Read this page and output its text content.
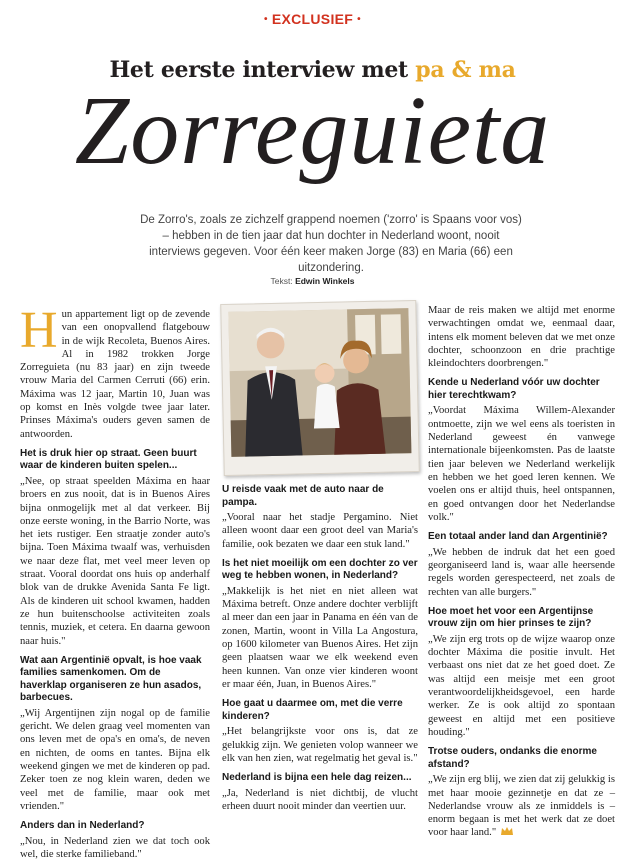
• EXCLUSIEF •
Het eerste interview met pa & ma
Zorreguieta
De Zorro's, zoals ze zichzelf grappend noemen ('zorro' is Spaans voor vos) – hebben in de tien jaar dat hun dochter in Nederland woont, nooit interviews gegeven. Voor één keer maken Jorge (83) en Maria (66) een uitzondering.
Tekst: Edwin Winkels

Hun appartement ligt op de zevende van een onopvallend flatgebouw in de wijk Recoleta, Buenos Aires. Al in 1982 trokken Jorge Zorreguieta (nu 83 jaar) en zijn tweede vrouw Maria del Carmen Cerruti (66) erin. Máxima was 12 jaar, Martin 10, Juan was op komst en Inès volgde twee jaar later. Prinses Máxima's ouders geven samen de antwoorden.

Het is druk hier op straat. Geen buurt waar de kinderen buiten spelen...

„Nee, op straat speelden Máxima en haar broers en zus nooit, dat is in Buenos Aires bijna onmogelijk met al dat verkeer. Bij onze eerste woning, in the Barrio Norte, was het iets rustiger. Een straatje zonder auto's bijna. Toen Máxima twaalf was, verhuisden we naar deze flat, met veel meer leven op straat. Vooral doordat ons huis op anderhalf blok van de drukke Avenida Santa Fe ligt. Als de kinderen uit school kwamen, hadden ze hun buitenschoolse activiteiten zoals tennis, muziek, et cetera. En daarna gewoon naar huis."

Wat aan Argentinië opvalt, is hoe vaak families samenkomen. Om de haverklap organiseren ze hun asados, barbecues.

„Wij Argentijnen zijn nogal op de familie gericht. We delen graag veel momenten van ons leven met de opa's en oma's, de neven en nichten, de ooms en tantes. Bijna elk weekend gingen we met de kinderen op pad. Zeker toen ze nog klein waren, deden we veel met de familie, maar ook met vrienden."

Anders dan in Nederland?

„Nou, in Nederland zien we dat toch ook wel, die sterke familieband."

U reisde vaak met de auto naar de pampa.

„Vooral naar het stadje Pergamino. Niet alleen woont daar een groot deel van Maria's familie, ook bezaten we daar een stuk land."

Is het niet moeilijk om een dochter zo ver weg te hebben wonen, in Nederland?

„Makkelijk is het niet en niet alleen wat Máxima betreft. Onze andere dochter verblijft al meer dan een jaar in Panama en één van de zonen, Martin, woont in Villa La Angostura, op 1600 kilometer van Buenos Aires. Het zijn geen plaatsen waar we elk weekend even heen kunnen. Van onze vier kinderen woont er maar één, Juan, in Buenos Aires."

Hoe gaat u daarmee om, met die verre kinderen?

„Het belangrijkste voor ons is, dat ze gelukkig zijn. We genieten volop wanneer we elk van hen zien, wat regelmatig het geval is."

Nederland is bijna een hele dag reizen...

„Ja, Nederland is niet dichtbij, de vlucht erheen duurt nooit minder dan veertien uur.

Maar de reis maken we altijd met enorme verwachtingen omdat we, eenmaal daar, intens elk moment beleven dat we met onze dochter, schoonzoon en drie prachtige kleindochters doorbrengen."

Kende u Nederland vóór uw dochter hier terechtkwam?

„Voordat Máxima Willem-Alexander ontmoette, zijn we wel eens als toeristen in Nederland geweest én vanwege internationale bijeenkomsten. Pas de laatste tien jaar beleven we Nederland werkelijk en hebben we het goed leren kennen. We voelen ons er altijd thuis, heel ontspannen, en goed ontvangen door het Nederlandse volk."

Een totaal ander land dan Argentinië?

„We hebben de indruk dat het een goed georganiseerd land is, waar alle heersende regels worden gerespecteerd, net zoals de rechten van alle burgers."

Hoe moet het voor een Argentijnse vrouw zijn om hier prinses te zijn?

„We zijn erg trots op de wijze waarop onze dochter Máxima die positie invult. Het verbaast ons niet dat ze het goed doet. Ze was altijd een meisje met een groot verantwoordelijkheidsgevoel, een harde werker. Ze is ook altijd zo spontaan geweest en altijd met een positieve houding."

Trotse ouders, ondanks die enorme afstand?

„We zijn erg blij, we zien dat zij gelukkig is met haar mooie gezinnetje en dat ze – Nederlandse vrouw als ze inmiddels is – enorm begaan is met het werk dat ze doet voor haar land."
